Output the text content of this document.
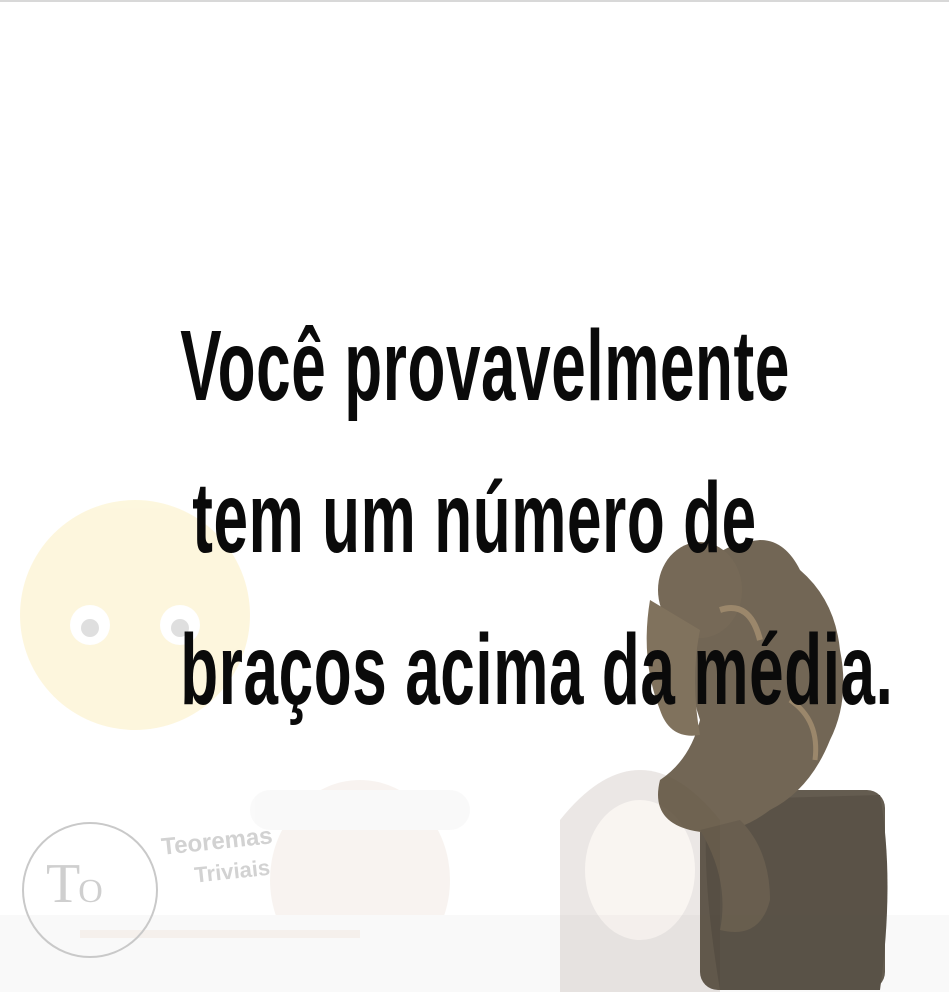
Você provavelmente
tem um número de
braços acima da média.
TO
Teoremas
Triviais
